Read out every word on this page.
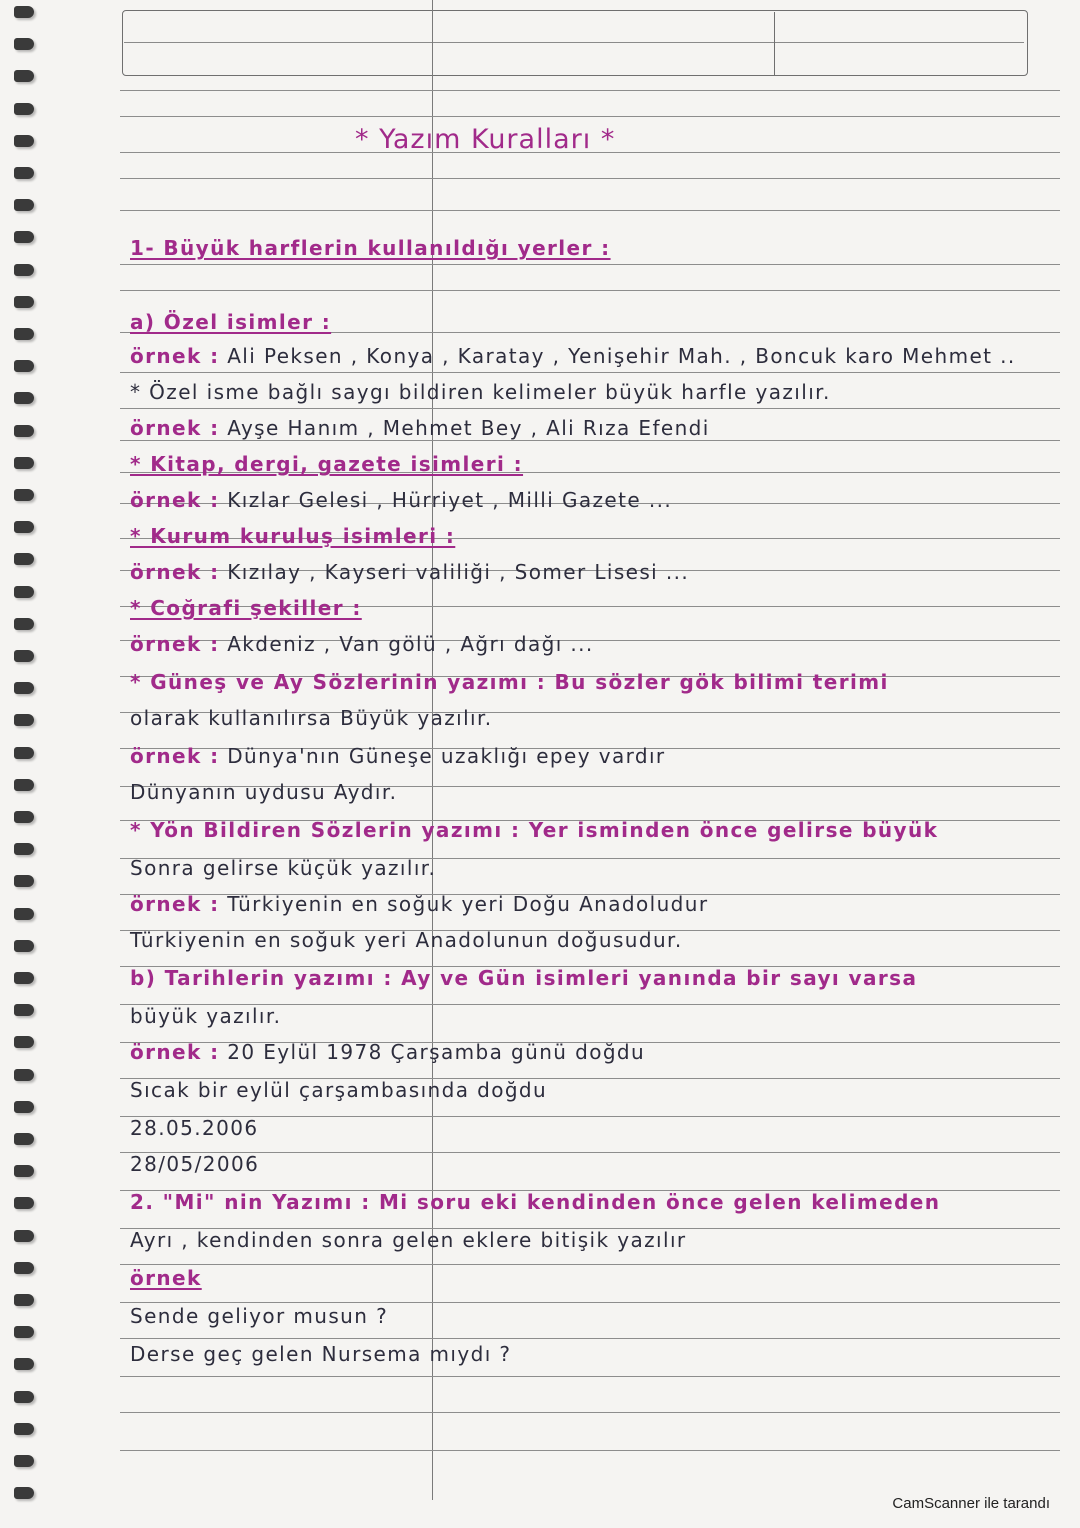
* Yazım Kuralları *
1- Büyük harflerin kullanıldığı yerler :
a) Özel isimler :
örnek : Ali Peksen , Konya , Karatay , Yenişehir Mah. , Boncuk karo Mehmet ..
* Özel isme bağlı saygı bildiren kelimeler büyük harfle yazılır.
örnek : Ayşe Hanım , Mehmet Bey , Ali Rıza Efendi
* Kitap, dergi, gazete isimleri :
örnek : Kızlar Gelesi , Hürriyet , Milli Gazete ...
* Kurum kuruluş isimleri :
örnek : Kızılay , Kayseri valiliği , Somer Lisesi ...
* Coğrafi şekiller :
örnek : Akdeniz , Van gölü , Ağrı dağı ...
* Güneş ve Ay Sözlerinin yazımı : Bu sözler gök bilimi terimi
olarak kullanılırsa Büyük yazılır.
örnek : Dünya'nın Güneşe uzaklığı epey vardır
Dünyanın uydusu Aydır.
* Yön Bildiren Sözlerin yazımı : Yer isminden önce gelirse büyük
Sonra gelirse küçük yazılır.
örnek : Türkiyenin en soğuk yeri Doğu Anadoludur
Türkiyenin en soğuk yeri Anadolunun doğusudur.
b) Tarihlerin yazımı : Ay ve Gün isimleri yanında bir sayı varsa
büyük yazılır.
örnek : 20 Eylül 1978 Çarşamba günü doğdu
Sıcak bir eylül çarşambasında doğdu
28.05.2006
28/05/2006
2. "Mi" nin Yazımı : Mi soru eki kendinden önce gelen kelimeden
Ayrı , kendinden sonra gelen eklere bitişik yazılır
örnek
Sende geliyor musun ?
Derse geç gelen Nursema mıydı ?
CamScanner ile tarandı
